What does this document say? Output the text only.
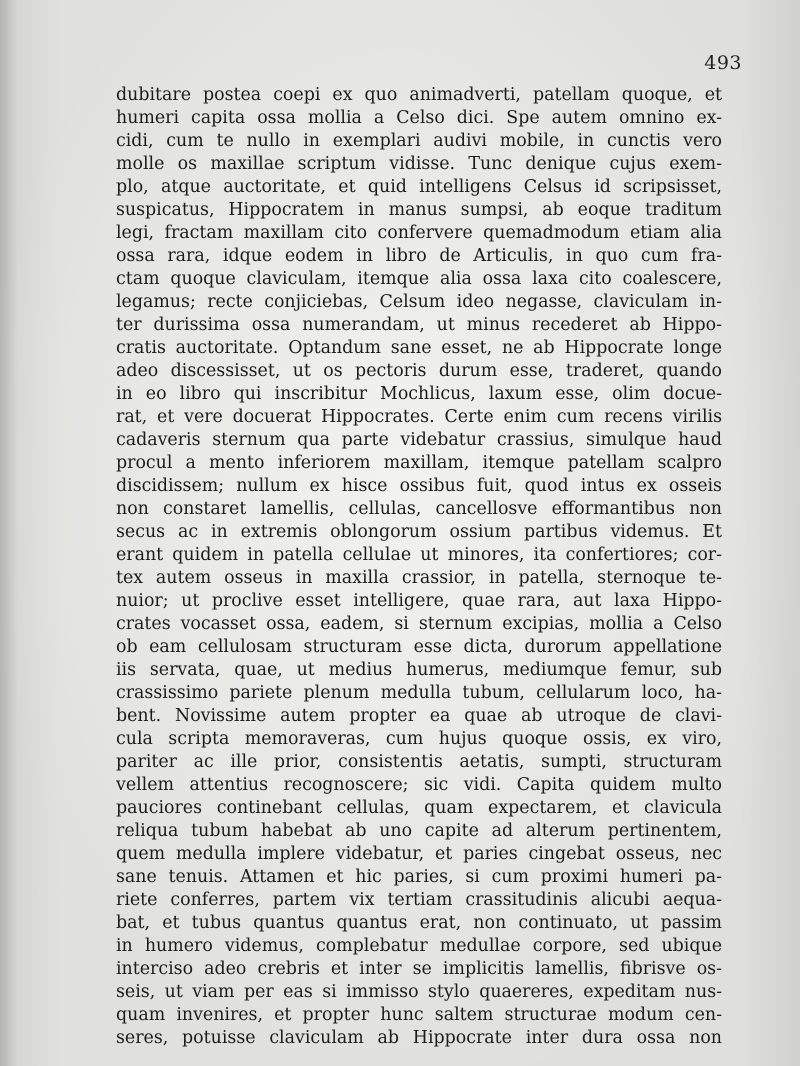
493
dubitare postea coepi ex quo animadverti, patellam quoque, et
humeri capita ossa mollia a Celso dici. Spe autem omnino ex-
cidi, cum te nullo in exemplari audivi mobile, in cunctis vero
molle os maxillae scriptum vidisse. Tunc denique cujus exem-
plo, atque auctoritate, et quid intelligens Celsus id scripsisset,
suspicatus, Hippocratem in manus sumpsi, ab eoque traditum
legi, fractam maxillam cito confervere quemadmodum etiam alia
ossa rara, idque eodem in libro de Articulis, in quo cum fra-
ctam quoque claviculam, itemque alia ossa laxa cito coalescere,
legamus; recte conjiciebas, Celsum ideo negasse, claviculam in-
ter durissima ossa numerandam, ut minus recederet ab Hippo-
cratis auctoritate. Optandum sane esset, ne ab Hippocrate longe
adeo discessisset, ut os pectoris durum esse, traderet, quando
in eo libro qui inscribitur Mochlicus, laxum esse, olim docue-
rat, et vere docuerat Hippocrates. Certe enim cum recens virilis
cadaveris sternum qua parte videbatur crassius, simulque haud
procul a mento inferiorem maxillam, itemque patellam scalpro
discidissem; nullum ex hisce ossibus fuit, quod intus ex osseis
non constaret lamellis, cellulas, cancellosve efformantibus non
secus ac in extremis oblongorum ossium partibus videmus. Et
erant quidem in patella cellulae ut minores, ita confertiores; cor-
tex autem osseus in maxilla crassior, in patella, sternoque te-
nuior; ut proclive esset intelligere, quae rara, aut laxa Hippo-
crates vocasset ossa, eadem, si sternum excipias, mollia a Celso
ob eam cellulosam structuram esse dicta, durorum appellatione
iis servata, quae, ut medius humerus, mediumque femur, sub
crassissimo pariete plenum medulla tubum, cellularum loco, ha-
bent. Novissime autem propter ea quae ab utroque de clavi-
cula scripta memoraveras, cum hujus quoque ossis, ex viro,
pariter ac ille prior, consistentis aetatis, sumpti, structuram
vellem attentius recognoscere; sic vidi. Capita quidem multo
pauciores continebant cellulas, quam expectarem, et clavicula
reliqua tubum habebat ab uno capite ad alterum pertinentem,
quem medulla implere videbatur, et paries cingebat osseus, nec
sane tenuis. Attamen et hic paries, si cum proximi humeri pa-
riete conferres, partem vix tertiam crassitudinis alicubi aequa-
bat, et tubus quantus quantus erat, non continuato, ut passim
in humero videmus, complebatur medullae corpore, sed ubique
interciso adeo crebris et inter se implicitis lamellis, fibrisve os-
seis, ut viam per eas si immisso stylo quaereres, expeditam nus-
quam invenires, et propter hunc saltem structurae modum cen-
seres, potuisse claviculam ab Hippocrate inter dura ossa non
